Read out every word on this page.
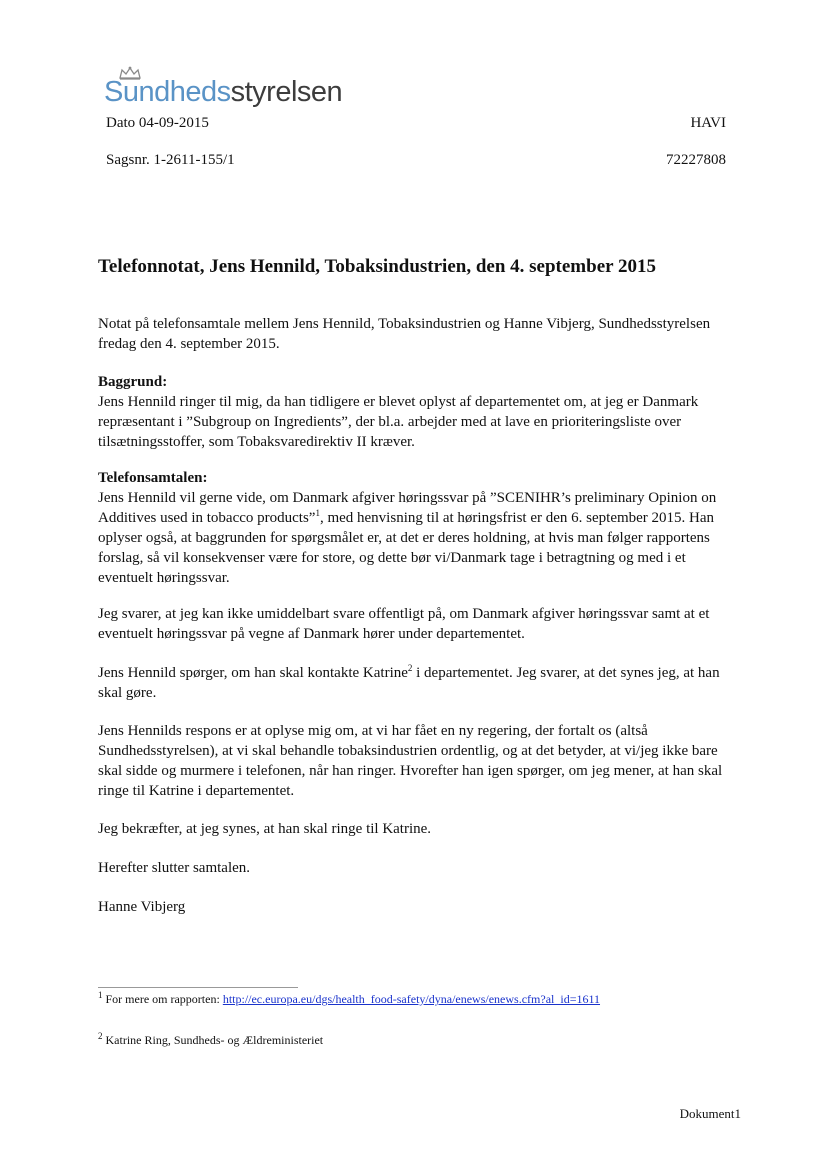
Sundhedsstyrelsen
Dato 04-09-2015	HAVI
Sagsnr. 1-2611-155/1	72227808
Telefonnotat, Jens Hennild, Tobaksindustrien, den 4. september 2015

Notat på telefonsamtale mellem Jens Hennild, Tobaksindustrien og Hanne Vibjerg, Sundhedsstyrelsen fredag den 4. september 2015.

Baggrund:

Jens Hennild ringer til mig, da han tidligere er blevet oplyst af departementet om, at jeg er Danmark repræsentant i ”Subgroup on Ingredients”, der bl.a. arbejder med at lave en prioriteringsliste over tilsætningsstoffer, som Tobaksvaredirektiv II kræver.

Telefonsamtalen:

Jens Hennild vil gerne vide, om Danmark afgiver høringssvar på ”SCENIHR’s preliminary Opinion on Additives used in tobacco products”$^1$, med henvisning til at høringsfrist er den 6. september 2015. Han oplyser også, at baggrunden for spørgsmålet er, at det er deres holdning, at hvis man følger rapportens forslag, så vil konsekvenser være for store, og dette bør vi/Danmark tage i betragtning og med i et eventuelt høringssvar.

Jeg svarer, at jeg kan ikke umiddelbart svare offentligt på, om Danmark afgiver høringssvar samt at et eventuelt høringssvar på vegne af Danmark hører under departementet.
Jens Hennild spørger, om han skal kontakte Katrine$^2$ i departementet. Jeg svarer, at det synes jeg, at han skal gøre.
Jens Hennilds respons er at oplyse mig om, at vi har fået en ny regering, der fortalt os (altså Sundhedsstyrelsen), at vi skal behandle tobaksindustrien ordentlig, og at det betyder, at vi/jeg ikke bare skal sidde og murmere i telefonen, når han ringer. Hvorefter han igen spørger, om jeg mener, at han skal ringe til Katrine i departementet.
Jeg bekræfter, at jeg synes, at han skal ringe til Katrine.
Herefter slutter samtalen.
Hanne Vibjerg
$^1$ For mere om rapporten: http://ec.europa.eu/dgs/health_food-safety/dyna/enews/enews.cfm?al_id=1611
$^2$ Katrine Ring, Sundheds- og Ældreministeriet
Dokument1
